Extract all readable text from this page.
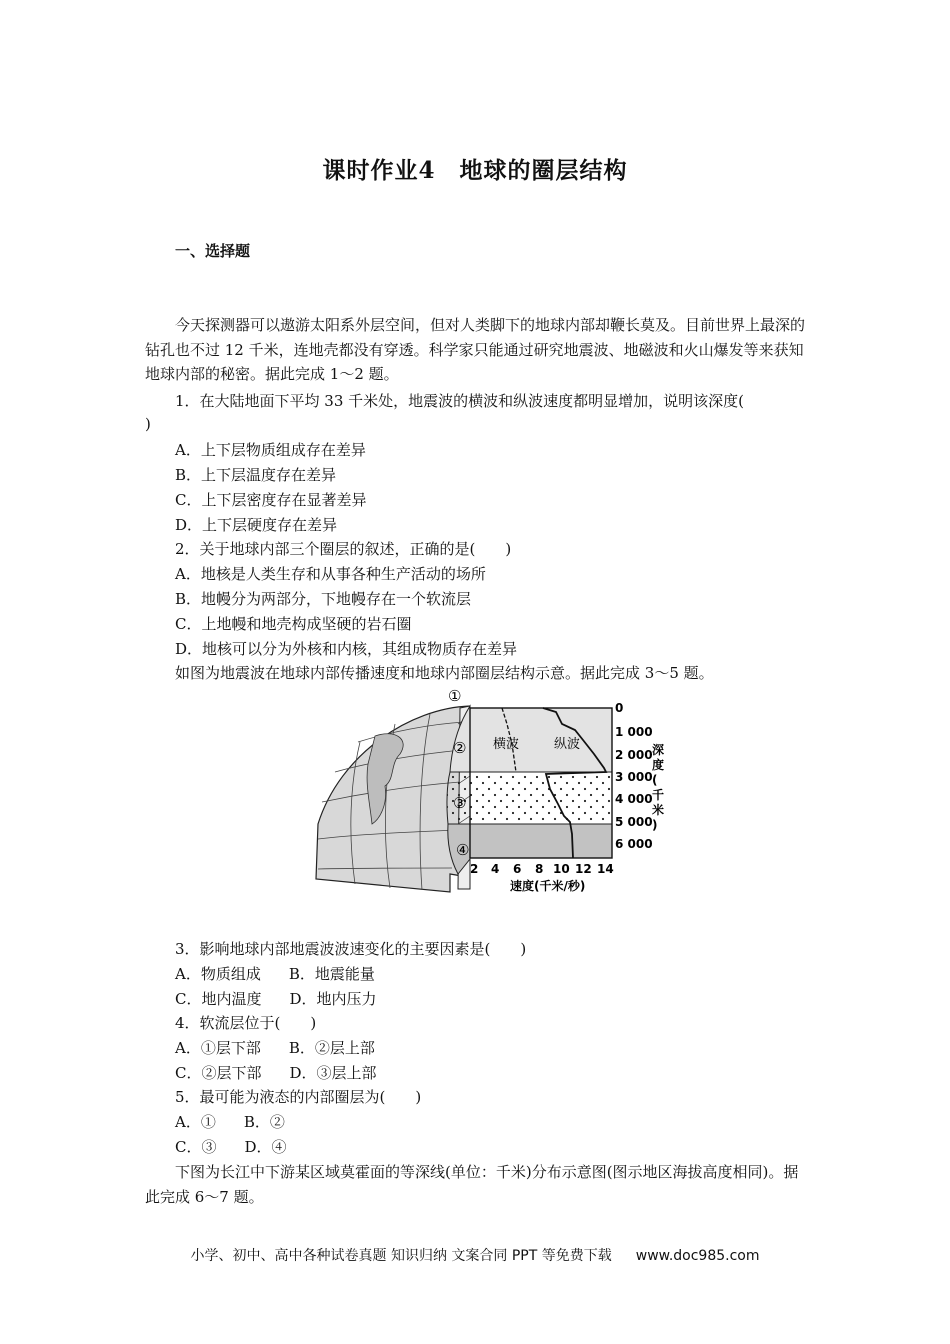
课时作业4　地球的圈层结构
一、选择题
今天探测器可以遨游太阳系外层空间，但对人类脚下的地球内部却鞭长莫及。目前世界上最深的钻孔也不过 12 千米，连地壳都没有穿透。科学家只能通过研究地震波、地磁波和火山爆发等来获知地球内部的秘密。据此完成 1～2 题。
1．在大陆地面下平均 33 千米处，地震波的横波和纵波速度都明显增加，说明该深度(
)
A．上下层物质组成存在差异
B．上下层温度存在差异
C．上下层密度存在显著差异
D．上下层硬度存在差异
2．关于地球内部三个圈层的叙述，正确的是(　　)
A．地核是人类生存和从事各种生产活动的场所
B．地幔分为两部分，下地幔存在一个软流层
C．上地幔和地壳构成坚硬的岩石圈
D．地核可以分为外核和内核，其组成物质存在差异
如图为地震波在地球内部传播速度和地球内部圈层结构示意。据此完成 3～5 题。
①
②
③
④
横波	纵波
0
1 000
2 000
3 000
4 000
5 000
6 000
深
度
(
千
米
)
2 4 6 8 10 12 14
速度(千米/秒)
3．影响地球内部地震波波速变化的主要因素是(　　)
A．物质组成 B．地震能量
C．地内温度 D．地内压力
4．软流层位于(　　)
A．①层下部 B．②层上部
C．②层下部 D．③层上部
5．最可能为液态的内部圈层为(　　)
A．① B．②
C．③ D．④
下图为长江中下游某区域莫霍面的等深线(单位：千米)分布示意图(图示地区海拔高度相同)。据此完成 6～7 题。
小学、初中、高中各种试卷真题 知识归纳 文案合同 PPT 等免费下载 www.doc985.com
